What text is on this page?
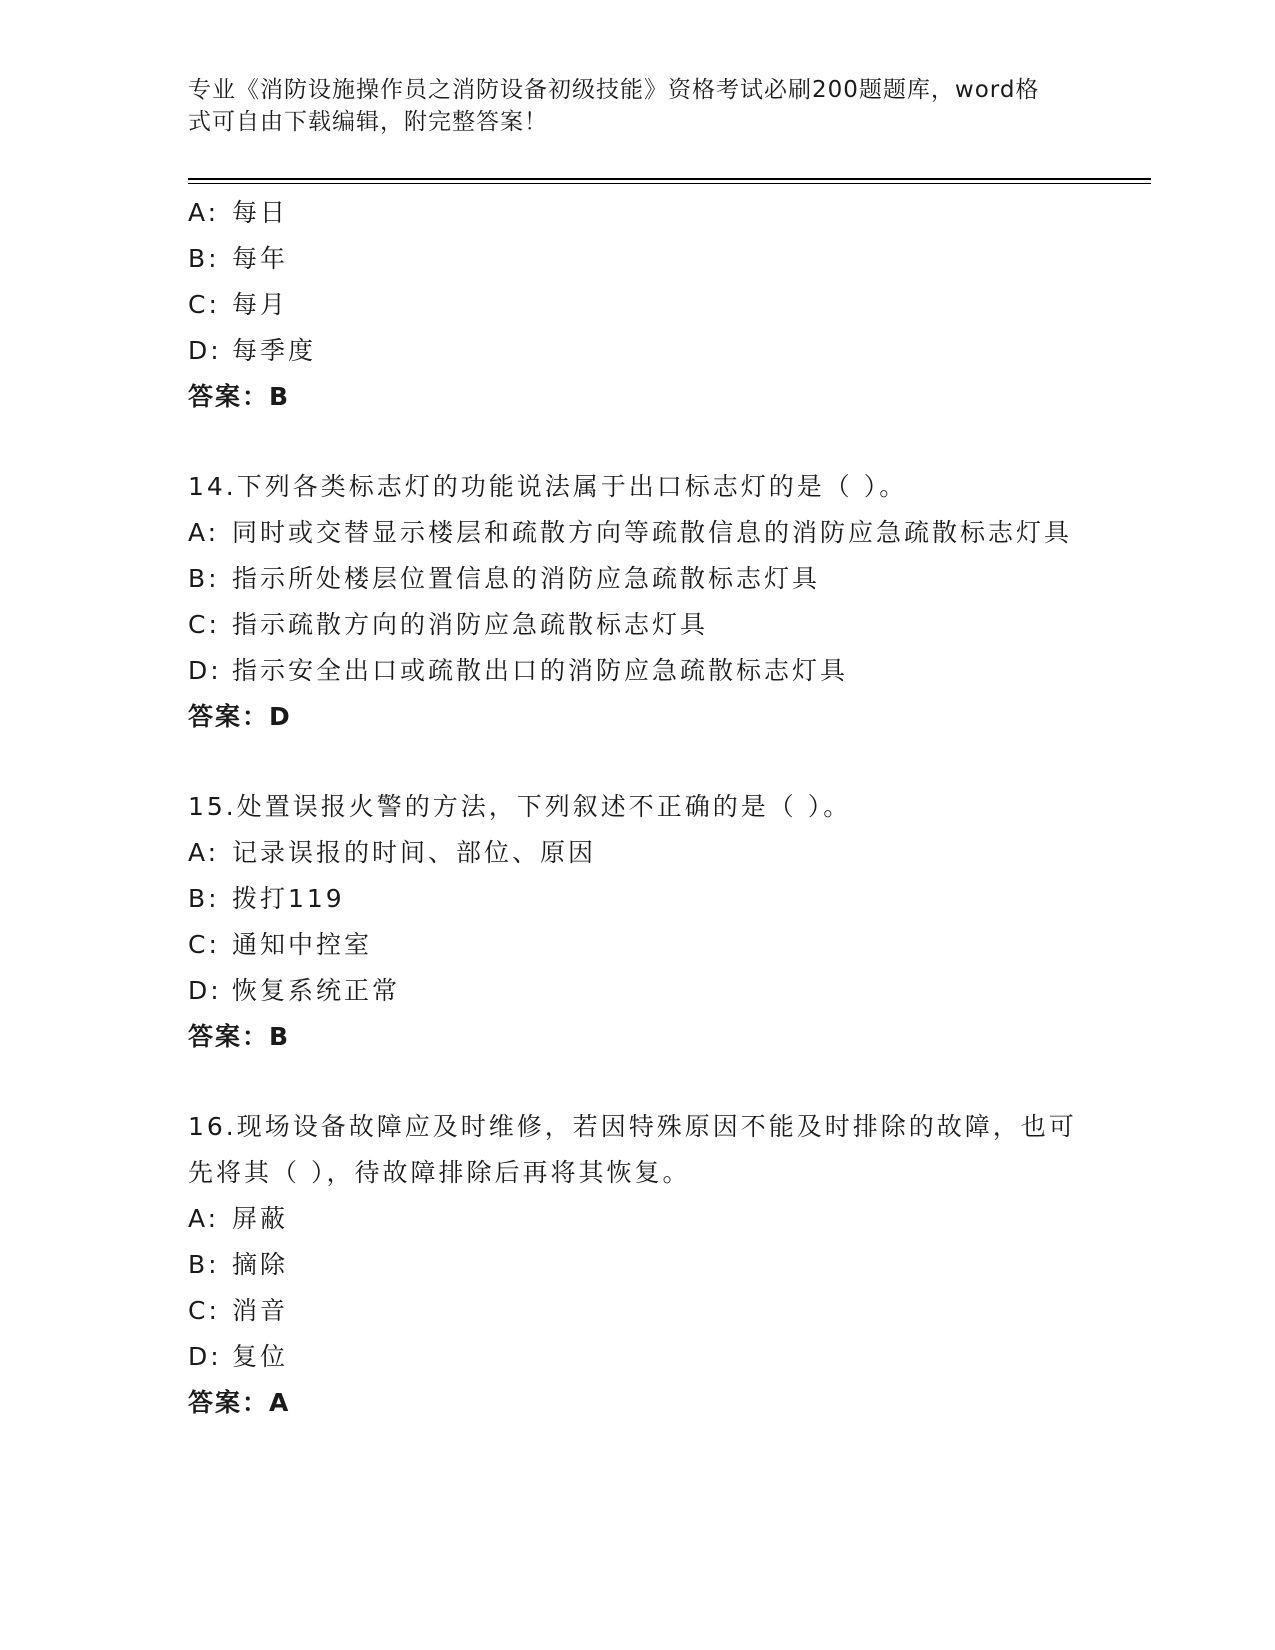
专业《消防设施操作员之消防设备初级技能》资格考试必刷200题题库，word格
式可自由下载编辑，附完整答案！
A: 每日
B: 每年
C: 每月
D: 每季度
答案：B
14.下列各类标志灯的功能说法属于出口标志灯的是（ ）。
A: 同时或交替显示楼层和疏散方向等疏散信息的消防应急疏散标志灯具
B: 指示所处楼层位置信息的消防应急疏散标志灯具
C: 指示疏散方向的消防应急疏散标志灯具
D: 指示安全出口或疏散出口的消防应急疏散标志灯具
答案：D
15.处置误报火警的方法，下列叙述不正确的是（ ）。
A: 记录误报的时间、部位、原因
B: 拨打119
C: 通知中控室
D: 恢复系统正常
答案：B
16.现场设备故障应及时维修，若因特殊原因不能及时排除的故障，也可先将其（ ），待故障排除后再将其恢复。
A: 屏蔽
B: 摘除
C: 消音
D: 复位
答案：A
